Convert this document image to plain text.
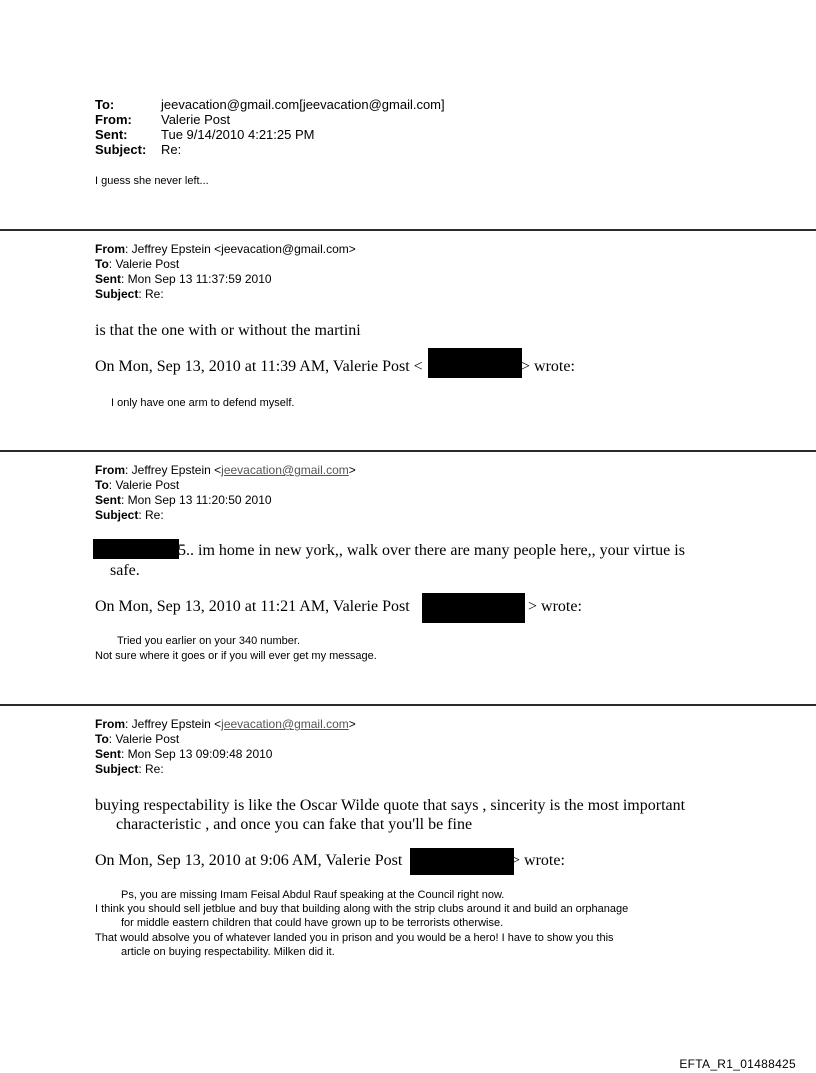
To:	jeevacation@gmail.com[jeevacation@gmail.com]
From: Valerie Post
Sent:	Tue 9/14/2010 4:21:25 PM
Subject: Re:
I guess she never left...
From: Jeffrey Epstein <jeevacation@gmail.com>
To: Valerie Post
Sent: Mon Sep 13 11:37:59 2010
Subject: Re:
is that the one with or without the martini
On Mon, Sep 13, 2010 at 11:39 AM, Valerie Post <	> wrote:
I only have one arm to defend myself.
From: Jeffrey Epstein <jeevacation@gmail.com>
To: Valerie Post
Sent: Mon Sep 13 11:20:50 2010
Subject: Re:
5.. im home in new york,, walk over there are many people here,, your virtue is
safe.
On Mon, Sep 13, 2010 at 11:21 AM, Valerie Post	> wrote:
Tried you earlier on your 340 number.
Not sure where it goes or if you will ever get my message.
From: Jeffrey Epstein <jeevacation@gmail.com>
To: Valerie Post
Sent: Mon Sep 13 09:09:48 2010
Subject: Re:
buying respectability is like the Oscar Wilde quote that says , sincerity is the most important
characteristic , and once you can fake that you'll be fine
On Mon, Sep 13, 2010 at 9:06 AM, Valerie Post	> wrote:
Ps, you are missing Imam Feisal Abdul Rauf speaking at the Council right now.
I think you should sell jetblue and buy that building along with the strip clubs around it and build an orphanage
for middle eastern children that could have grown up to be terrorists otherwise.
That would absolve you of whatever landed you in prison and you would be a hero! I have to show you this
article on buying respectability. Milken did it.
EFTA_R1_01488425
